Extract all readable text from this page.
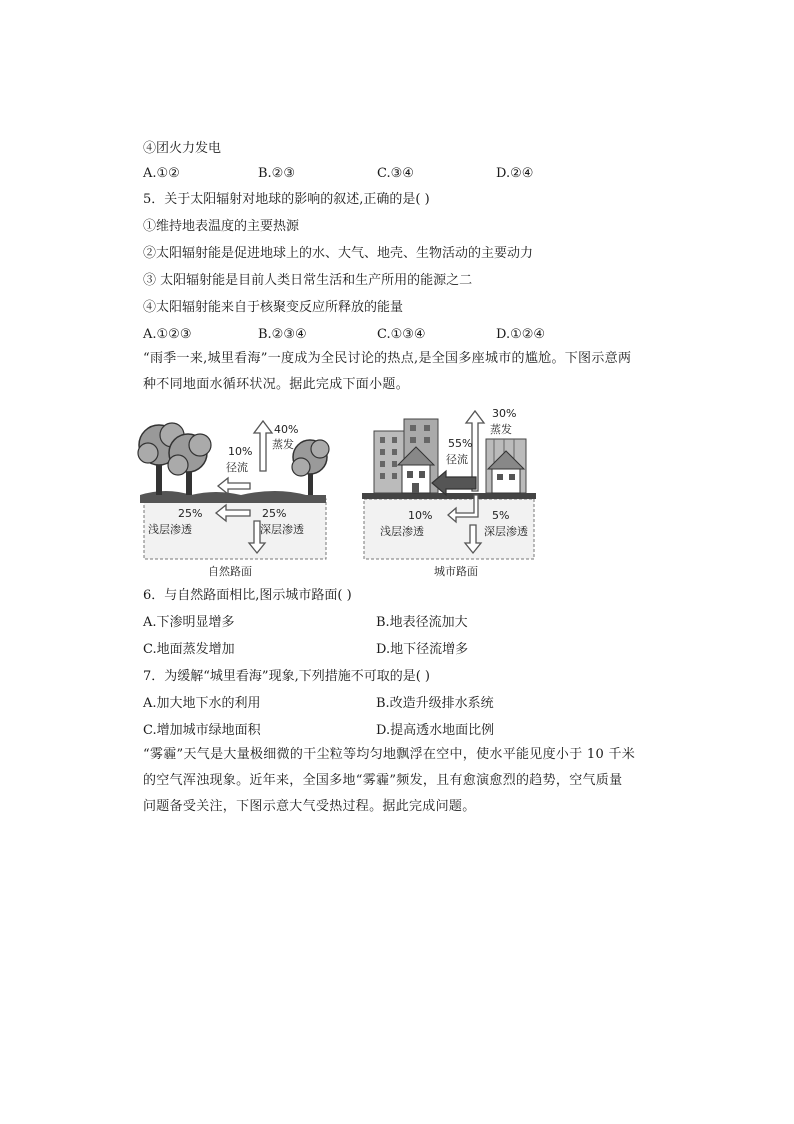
④团火力发电
A.①②	B.②③	C.③④	D.②④
5．关于太阳辐射对地球的影响的叙述,正确的是( )
①维持地表温度的主要热源
②太阳辐射能是促进地球上的水、大气、地壳、生物活动的主要动力
③ 太阳辐射能是目前人类日常生活和生产所用的能源之二
④太阳辐射能来自于核聚变反应所释放的能量
A.①②③	B.②③④	C.①③④	D.①②④
“雨季一来,城里看海”一度成为全民讨论的热点,是全国多座城市的尴尬。下图示意两
种不同地面水循环状况。据此完成下面小题。
40%
蒸发
10%
径流
25%
浅层渗透
25%
深层渗透
自然路面
30%
蒸发
55%
径流
10%
浅层渗透
5%
深层渗透
城市路面
6．与自然路面相比,图示城市路面( )
A.下渗明显增多	B.地表径流加大
C.地面蒸发增加	D.地下径流增多
7．为缓解“城里看海”现象,下列措施不可取的是( )
A.加大地下水的利用	B.改造升级排水系统
C.增加城市绿地面积	D.提高透水地面比例
“雾霾”天气是大量极细微的干尘粒等均匀地飘浮在空中，使水平能见度小于 10 千米
的空气浑浊现象。近年来，全国多地“雾霾”频发，且有愈演愈烈的趋势，空气质量
问题备受关注，下图示意大气受热过程。据此完成问题。
